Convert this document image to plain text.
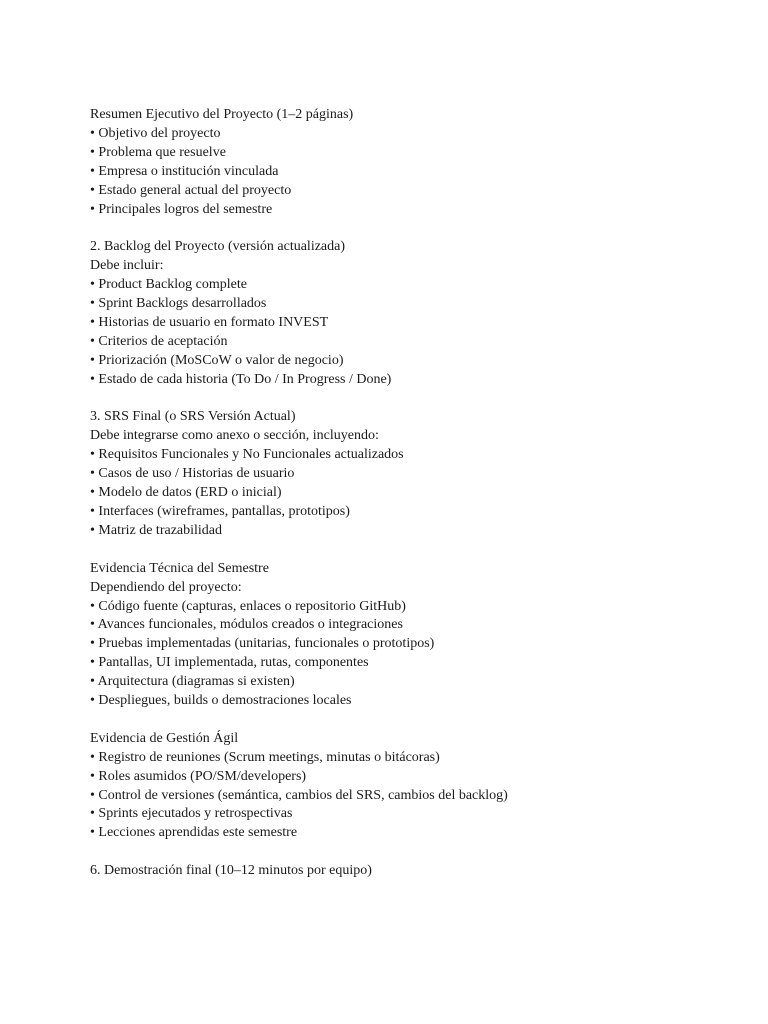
Resumen Ejecutivo del Proyecto (1–2 páginas)
• Objetivo del proyecto
• Problema que resuelve
• Empresa o institución vinculada
• Estado general actual del proyecto
• Principales logros del semestre
2. Backlog del Proyecto (versión actualizada)
Debe incluir:
• Product Backlog complete
• Sprint Backlogs desarrollados
• Historias de usuario en formato INVEST
• Criterios de aceptación
• Priorización (MoSCoW o valor de negocio)
• Estado de cada historia (To Do / In Progress / Done)
3. SRS Final (o SRS Versión Actual)
Debe integrarse como anexo o sección, incluyendo:
• Requisitos Funcionales y No Funcionales actualizados
• Casos de uso / Historias de usuario
• Modelo de datos (ERD o inicial)
• Interfaces (wireframes, pantallas, prototipos)
• Matriz de trazabilidad
Evidencia Técnica del Semestre
Dependiendo del proyecto:
• Código fuente (capturas, enlaces o repositorio GitHub)
• Avances funcionales, módulos creados o integraciones
• Pruebas implementadas (unitarias, funcionales o prototipos)
• Pantallas, UI implementada, rutas, componentes
• Arquitectura (diagramas si existen)
• Despliegues, builds o demostraciones locales
Evidencia de Gestión Ágil
• Registro de reuniones (Scrum meetings, minutas o bitácoras)
• Roles asumidos (PO/SM/developers)
• Control de versiones (semántica, cambios del SRS, cambios del backlog)
• Sprints ejecutados y retrospectivas
• Lecciones aprendidas este semestre
6. Demostración final (10–12 minutos por equipo)
